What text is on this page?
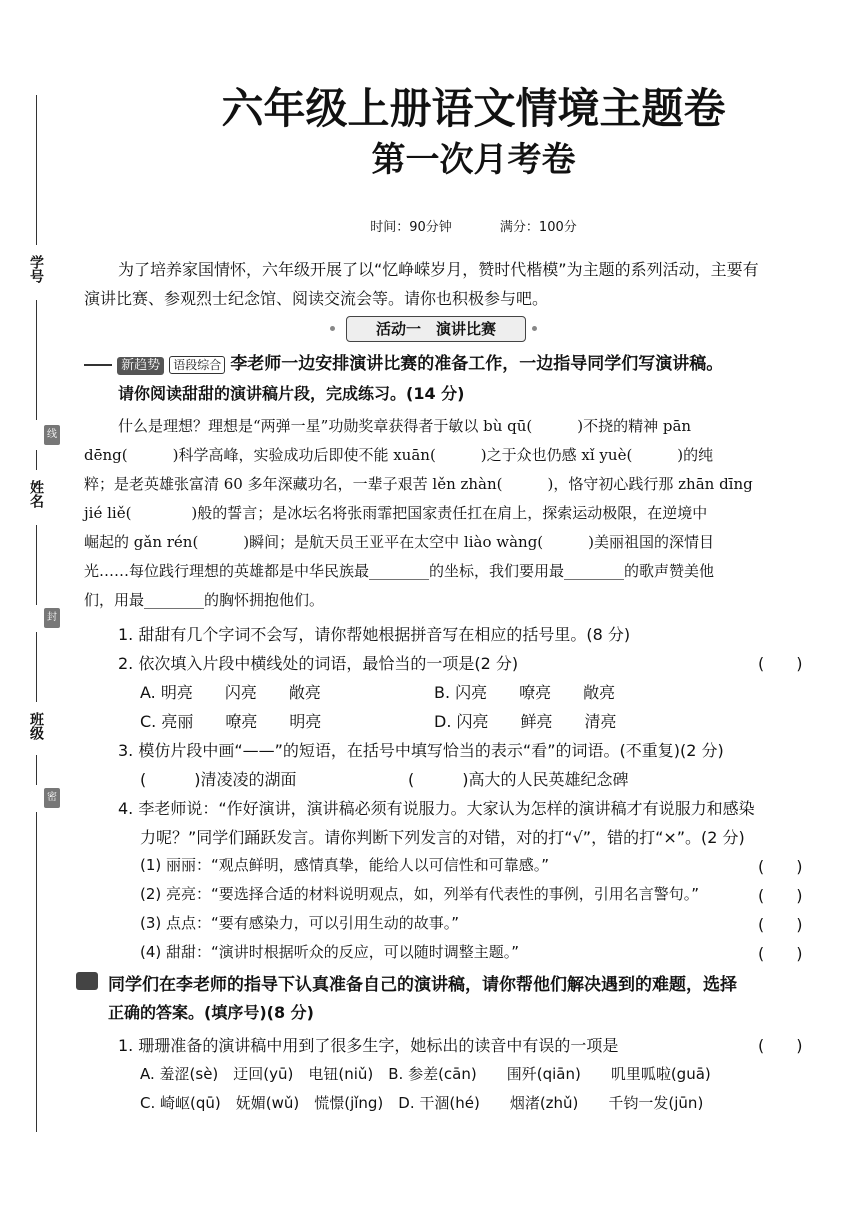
学号
线
姓名
封
班级
密
六年级上册语文情境主题卷
第一次月考卷
时间：90分钟	满分：100分
为了培养家国情怀，六年级开展了以“忆峥嵘岁月，赞时代楷模”为主题的系列活动，主要有
演讲比赛、参观烈士纪念馆、阅读交流会等。请你也积极参与吧。
活动一　演讲比赛
新趋势 语段综合 李老师一边安排演讲比赛的准备工作，一边指导同学们写演讲稿。
请你阅读甜甜的演讲稿片段，完成练习。(14 分)
什么是理想？理想是“两弹一星”功勋奖章获得者于敏以 bù qū(　　　)不挠的精神 pān
dēng(　　　)科学高峰，实验成功后即使不能 xuān(　　　)之于众也仍感 xǐ yuè(　　　)的纯
粹；是老英雄张富清 60 多年深藏功名，一辈子艰苦 lěn zhàn(　　　)，恪守初心践行那 zhān dīng
jié liě(　　　　)般的誓言；是冰坛名将张雨霏把国家责任扛在肩上，探索运动极限，在逆境中
崛起的 gǎn rén(　　　)瞬间；是航天员王亚平在太空中 liào wàng(　　　)美丽祖国的深情目
光……每位践行理想的英雄都是中华民族最________的坐标，我们要用最________的歌声赞美他
们，用最________的胸怀拥抱他们。
1. 甜甜有几个字词不会写，请你帮她根据拼音写在相应的括号里。(8 分)
2. 依次填入片段中横线处的词语，最恰当的一项是(2 分)	(　　)
A. 明亮　　闪亮　　敞亮	B. 闪亮　　嘹亮　　敞亮
C. 亮丽　　嘹亮　　明亮	D. 闪亮　　鲜亮　　清亮
3. 模仿片段中画“——”的短语，在括号中填写恰当的表示“看”的词语。(不重复)(2 分)
(　　　)清凌凌的湖面	(　　　)高大的人民英雄纪念碑
4. 李老师说：“作好演讲，演讲稿必须有说服力。大家认为怎样的演讲稿才有说服力和感染
力呢？”同学们踊跃发言。请你判断下列发言的对错，对的打“√”，错的打“×”。(2 分)
(1) 丽丽：“观点鲜明，感情真挚，能给人以可信性和可靠感。”	(　　)
(2) 亮亮：“要选择合适的材料说明观点，如，列举有代表性的事例，引用名言警句。”	(　　)
(3) 点点：“要有感染力，可以引用生动的故事。”	(　　)
(4) 甜甜：“演讲时根据听众的反应，可以随时调整主题。”	(　　)
同学们在李老师的指导下认真准备自己的演讲稿，请你帮他们解决遇到的难题，选择
正确的答案。(填序号)(8 分)
1. 珊珊准备的演讲稿中用到了很多生字，她标出的读音中有误的一项是	(　　)
A. 羞涩(sè)　迂回(yū)　电钮(niǔ)　B. 参差(cān)　　围歼(qiān)　　叽里呱啦(guā)
C. 崎岖(qū)　妩媚(wǔ)　慌憬(jǐng)　D. 干涸(hé)　　烟渚(zhǔ)　　千钧一发(jūn)
